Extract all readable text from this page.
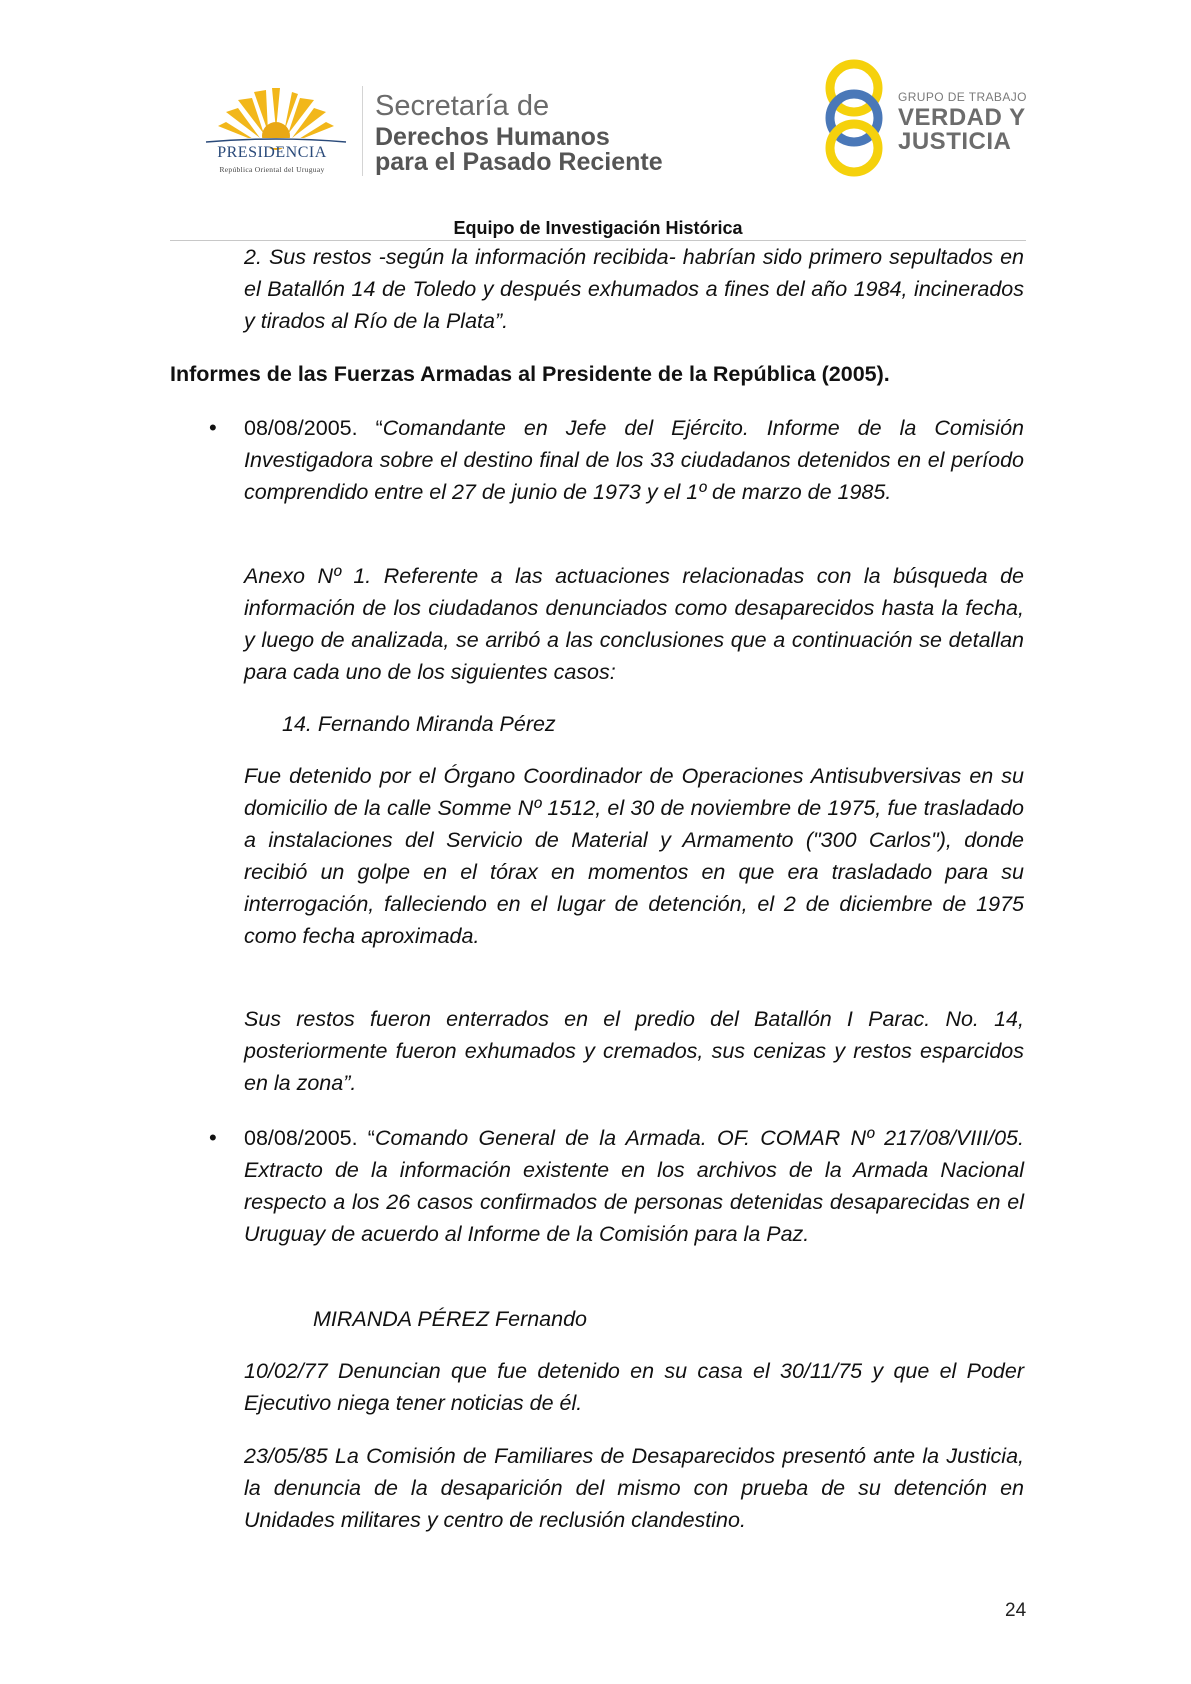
PRESIDENCIA
República Oriental del Uruguay
Secretaría de
Derechos Humanos
para el Pasado Reciente
GRUPO DE TRABAJO
VERDAD Y
JUSTICIA
Equipo de Investigación Histórica
2. Sus restos -según la información recibida- habrían sido primero sepultados en el Batallón 14 de Toledo y después exhumados a fines del año 1984, incinerados y tirados al Río de la Plata”.
Informes de las Fuerzas Armadas al Presidente de la República (2005).
• 08/08/2005. “Comandante en Jefe del Ejército. Informe de la Comisión Investigadora sobre el destino final de los 33 ciudadanos detenidos en el período comprendido entre el 27 de junio de 1973 y el 1º de marzo de 1985.
Anexo Nº 1. Referente a las actuaciones relacionadas con la búsqueda de información de los ciudadanos denunciados como desaparecidos hasta la fecha, y luego de analizada, se arribó a las conclusiones que a continuación se detallan para cada uno de los siguientes casos:
14. Fernando Miranda Pérez
Fue detenido por el Órgano Coordinador de Operaciones Antisubversivas en su domicilio de la calle Somme Nº 1512, el 30 de noviembre de 1975, fue trasladado a instalaciones del Servicio de Material y Armamento ("300 Carlos"), donde recibió un golpe en el tórax en momentos en que era trasladado para su interrogación, falleciendo en el lugar de detención, el 2 de diciembre de 1975 como fecha aproximada.
Sus restos fueron enterrados en el predio del Batallón I Parac. No. 14, posteriormente fueron exhumados y cremados, sus cenizas y restos esparcidos en la zona”.
• 08/08/2005. “Comando General de la Armada. OF. COMAR Nº 217/08/VIII/05. Extracto de la información existente en los archivos de la Armada Nacional respecto a los 26 casos confirmados de personas detenidas desaparecidas en el Uruguay de acuerdo al Informe de la Comisión para la Paz.
MIRANDA PÉREZ Fernando
10/02/77 Denuncian que fue detenido en su casa el 30/11/75 y que el Poder Ejecutivo niega tener noticias de él.
23/05/85 La Comisión de Familiares de Desaparecidos presentó ante la Justicia, la denuncia de la desaparición del mismo con prueba de su detención en Unidades militares y centro de reclusión clandestino.
24
